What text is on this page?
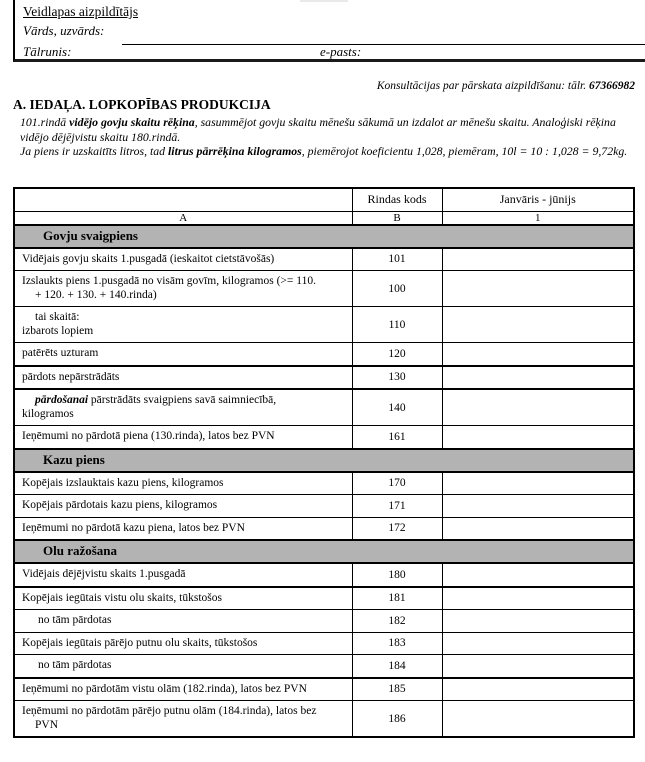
Veidlapas aizpildītājs
Vārds, uzvārds:
Tālrunis:	e-pasts:
Konsultācijas par pārskata aizpildīšanu: tālr. 67366982
A. IEDAĻA. LOPKOPĪBAS PRODUKCIJA
101.rindā vidējo govju skaitu rēķina, sasummējot govju skaitu mēnešu sākumā un izdalot ar mēnešu skaitu. Analoģiski rēķina vidējo dējējvistu skaitu 180.rindā.
Ja piens ir uzskaitīts litros, tad litrus pārrēķina kilogramos, piemērojot koeficientu 1,028, piemēram, 10l = 10 : 1,028 = 9,72kg.
	Rindas kods	Janvāris - jūnijs
A	B	1
Govju svaigpiens		

Vidējais govju skaits 1.pusgadā (ieskaitot cietstāvošās)	101	

Izslaukts piens 1.pusgadā no visām govīm, kilogramos (>= 110.
+ 120. + 130. + 140.rinda)	100	

tai skaitā:
izbarots lopiem	110	

patērēts uzturam	120	

pārdots nepārstrādāts	130	

pārdošanai pārstrādāts svaigpiens savā saimniecībā,
kilogramos	140	

Ieņēmumi no pārdotā piena (130.rinda), latos bez PVN	161	
Kazu piens		

Kopējais izslauktais kazu piens, kilogramos	170	

Kopējais pārdotais kazu piens, kilogramos	171	

Ieņēmumi no pārdotā kazu piena, latos bez PVN	172	
Olu ražošana		

Vidējais dējējvistu skaits 1.pusgadā	180	

Kopējais iegūtais vistu olu skaits, tūkstošos	181	

no tām pārdotas	182	

Kopējais iegūtais pārējo putnu olu skaits, tūkstošos	183	

no tām pārdotas	184	

Ieņēmumi no pārdotām vistu olām (182.rinda), latos bez PVN	185	

Ieņēmumi no pārdotām pārējo putnu olām (184.rinda), latos bez
PVN	186	
